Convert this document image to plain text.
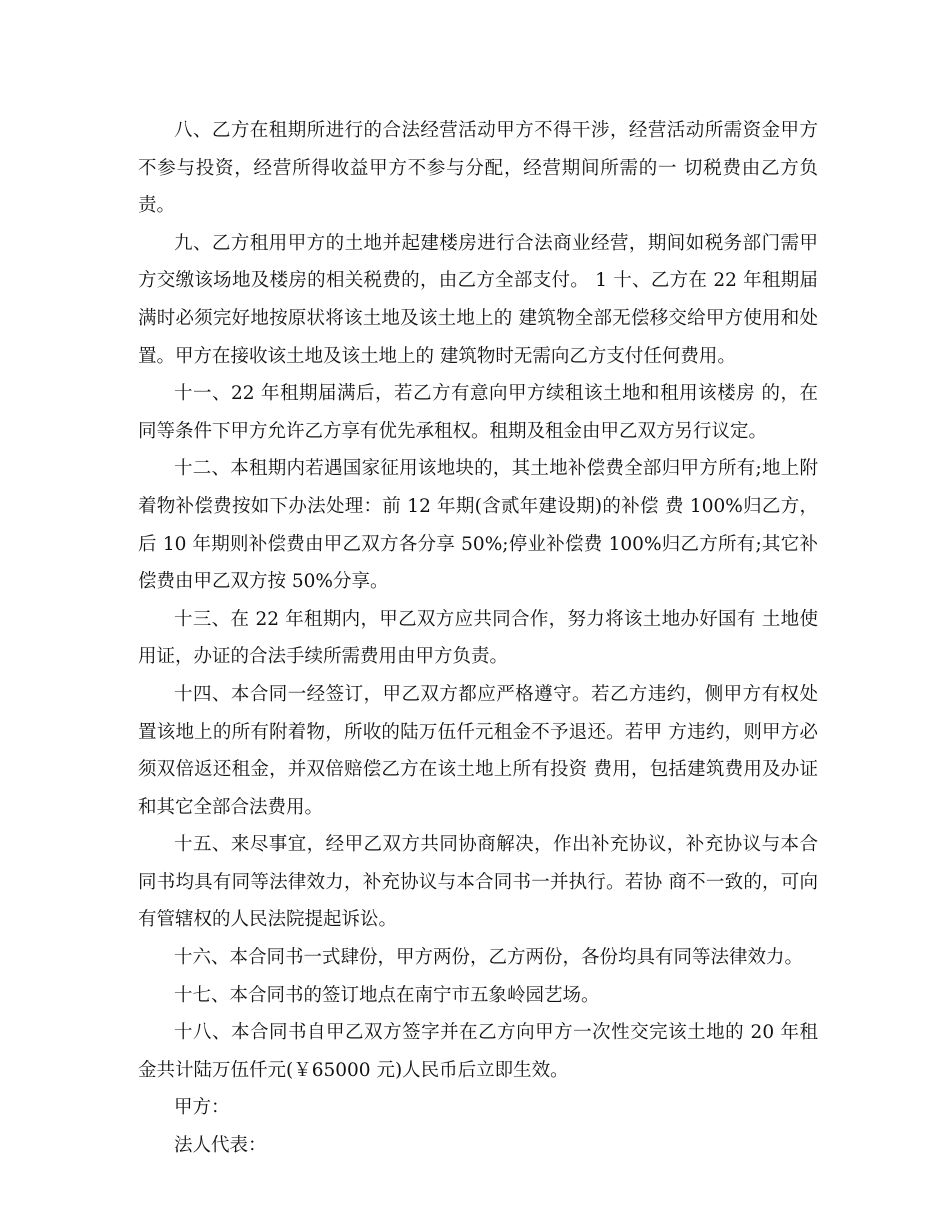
八、乙方在租期所进行的合法经营活动甲方不得干涉，经营活动所需资金甲方不参与投资，经营所得收益甲方不参与分配，经营期间所需的一 切税费由乙方负责。

九、乙方租用甲方的土地并起建楼房进行合法商业经营，期间如税务部门需甲方交缴该场地及楼房的相关税费的，由乙方全部支付。 1 十、乙方在 22 年租期届满时必须完好地按原状将该土地及该土地上的 建筑物全部无偿移交给甲方使用和处置。甲方在接收该土地及该土地上的 建筑物时无需向乙方支付任何费用。

十一、22 年租期届满后，若乙方有意向甲方续租该土地和租用该楼房 的，在同等条件下甲方允许乙方享有优先承租权。租期及租金由甲乙双方另行议定。

十二、本租期内若遇国家征用该地块的，其土地补偿费全部归甲方所有;地上附着物补偿费按如下办法处理：前 12 年期(含贰年建设期)的补偿 费 100%归乙方，后 10 年期则补偿费由甲乙双方各分享 50%;停业补偿费 100%归乙方所有;其它补偿费由甲乙双方按 50%分享。

十三、在 22 年租期内，甲乙双方应共同合作，努力将该土地办好国有 土地使用证，办证的合法手续所需费用由甲方负责。

十四、本合同一经签订，甲乙双方都应严格遵守。若乙方违约，侧甲方有权处置该地上的所有附着物，所收的陆万伍仟元租金不予退还。若甲 方违约，则甲方必须双倍返还租金，并双倍赔偿乙方在该土地上所有投资 费用，包括建筑费用及办证和其它全部合法费用。

十五、来尽事宜，经甲乙双方共同协商解决，作出补充协议，补充协议与本合同书均具有同等法律效力，补充协议与本合同书一并执行。若协 商不一致的，可向有管辖权的人民法院提起诉讼。

十六、本合同书一式肆份，甲方两份，乙方两份，各份均具有同等法律效力。

十七、本合同书的签订地点在南宁市五象岭园艺场。

十八、本合同书自甲乙双方签字并在乙方向甲方一次性交完该土地的 20 年租金共计陆万伍仟元(￥65000 元)人民币后立即生效。

甲方：

法人代表：
